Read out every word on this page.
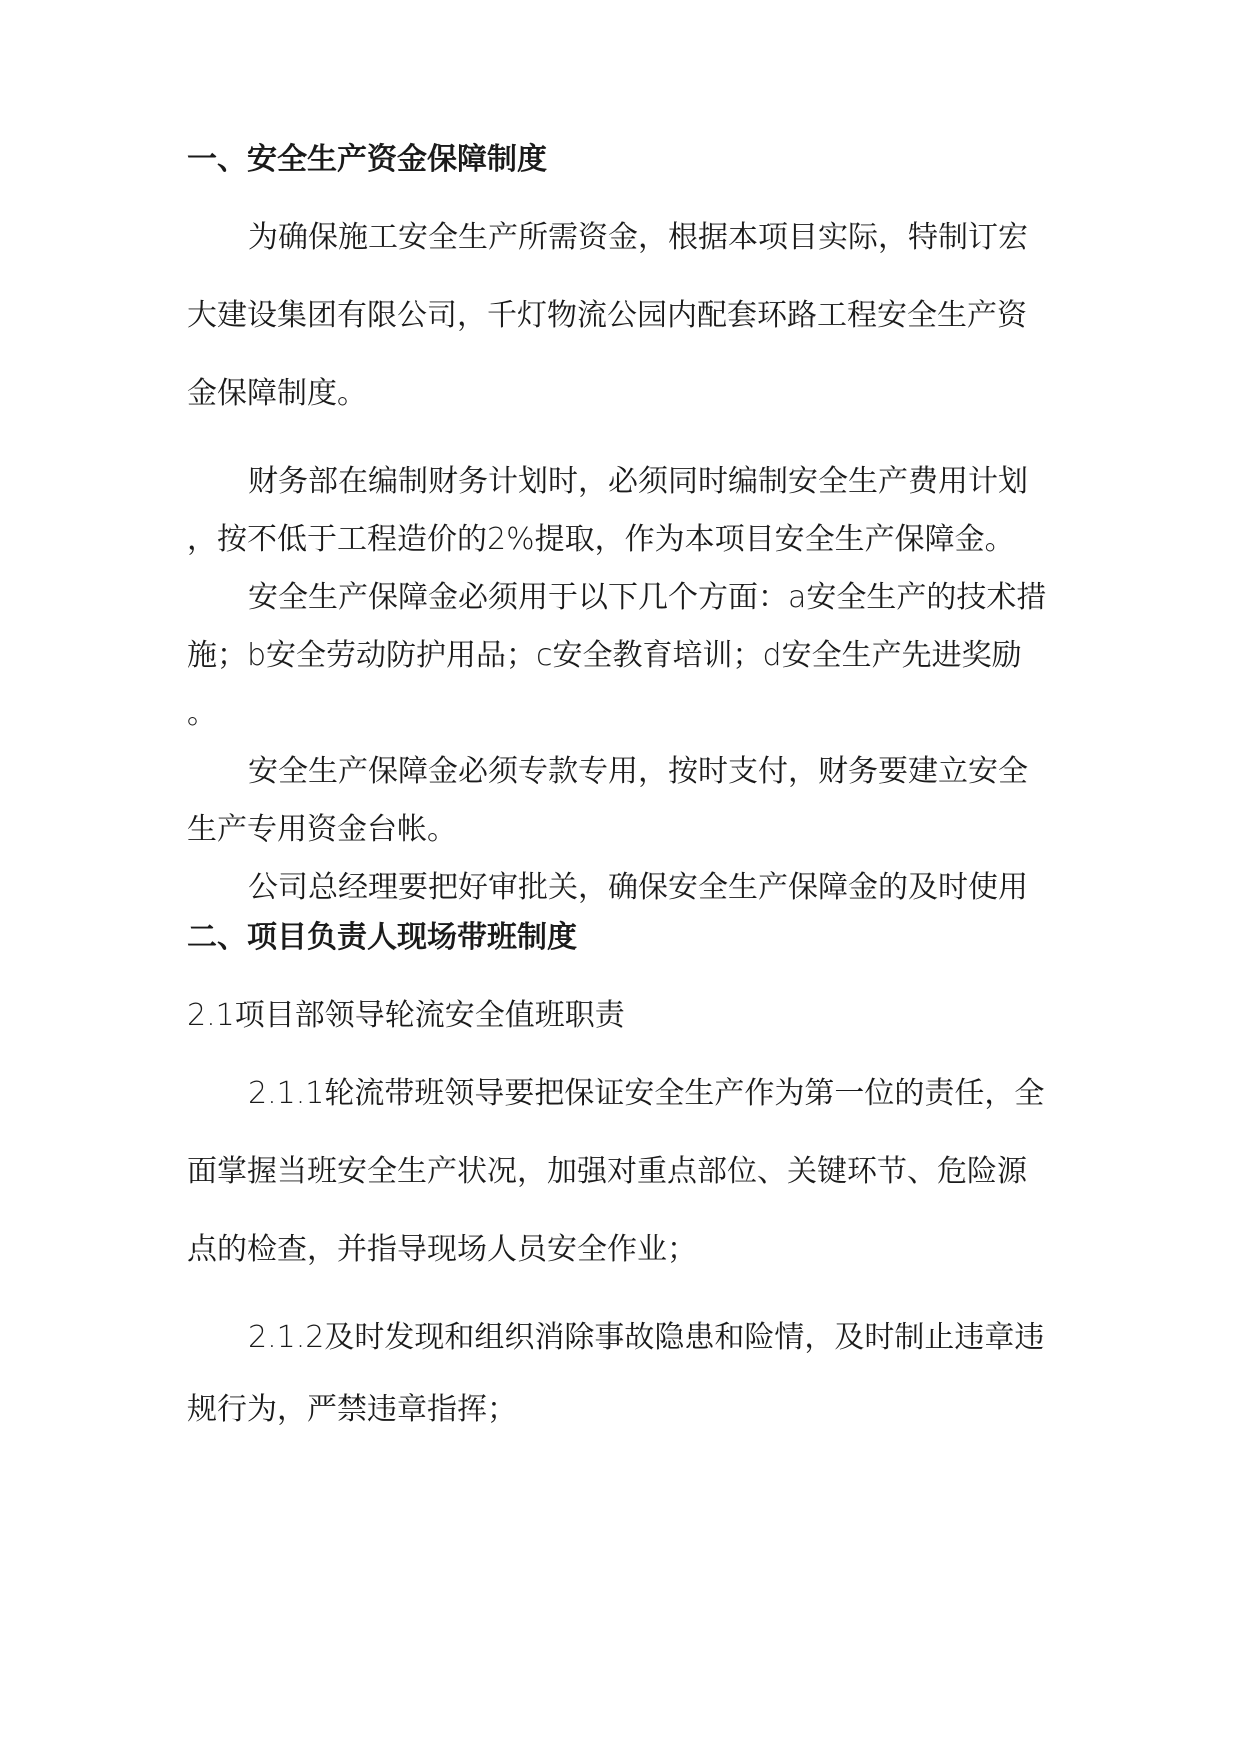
一、安全生产资金保障制度
为确保施工安全生产所需资金，根据本项目实际，特制订宏
大建设集团有限公司，千灯物流公园内配套环路工程安全生产资
金保障制度。
财务部在编制财务计划时，必须同时编制安全生产费用计划
，按不低于工程造价的2%提取，作为本项目安全生产保障金。
安全生产保障金必须用于以下几个方面：a安全生产的技术措
施；b安全劳动防护用品；c安全教育培训；d安全生产先进奖励
。
安全生产保障金必须专款专用，按时支付，财务要建立安全
生产专用资金台帐。
公司总经理要把好审批关，确保安全生产保障金的及时使用
二、项目负责人现场带班制度
2.1项目部领导轮流安全值班职责
2.1.1轮流带班领导要把保证安全生产作为第一位的责任，全
面掌握当班安全生产状况，加强对重点部位、关键环节、危险源
点的检查，并指导现场人员安全作业；
2.1.2及时发现和组织消除事故隐患和险情，及时制止违章违
规行为，严禁违章指挥；
